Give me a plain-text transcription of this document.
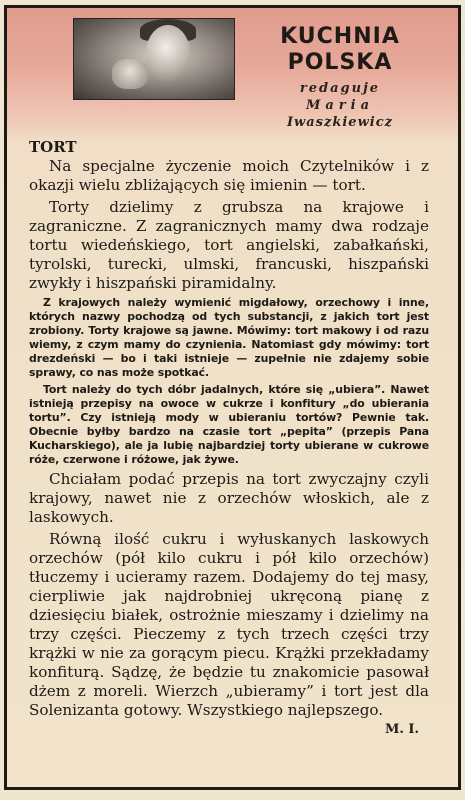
KUCHNIA
POLSKA
redaguje
Maria
Iwaszkiewicz
TORT

Na specjalne życzenie moich Czytelników i z okazji wielu zbliżających się imienin — tort.

Torty dzielimy z grubsza na krajowe i zagraniczne. Z zagranicznych mamy dwa rodzaje tortu wiedeńskiego, tort angielski, zabałkański, tyrolski, turecki, ulmski, francuski, hiszpański zwykły i hiszpański piramidalny.

Z krajowych należy wymienić migdałowy, orzechowy i inne, których nazwy pochodzą od tych substancji, z jakich tort jest zrobiony. Torty krajowe są jawne. Mówimy: tort makowy i od razu wiemy, z czym mamy do czynienia. Natomiast gdy mówimy: tort drezdeński — bo i taki istnieje — zupełnie nie zdajemy sobie sprawy, co nas może spotkać.

Tort należy do tych dóbr jadalnych, które się „ubiera”. Nawet istnieją przepisy na owoce w cukrze i konfitury „do ubierania tortu”. Czy istnieją mody w ubieraniu tortów? Pewnie tak. Obecnie byłby bardzo na czasie tort „pepita” (przepis Pana Kucharskiego), ale ja lubię najbardziej torty ubierane w cukrowe róże, czerwone i różowe, jak żywe.

Chciałam podać przepis na tort zwyczajny czyli krajowy, nawet nie z orzechów włoskich, ale z laskowych.

Równą ilość cukru i wyłuskanych laskowych orzechów (pół kilo cukru i pół kilo orzechów) tłuczemy i ucieramy razem. Dodajemy do tej masy, cierpliwie jak najdrobniej ukręconą pianę z dziesięciu białek, ostrożnie mieszamy i dzielimy na trzy części. Pieczemy z tych trzech części trzy krążki w nie za gorącym piecu. Krążki przekładamy konfiturą. Sądzę, że będzie tu znakomicie pasował dżem z moreli. Wierzch „ubieramy” i tort jest dla Solenizanta gotowy. Wszystkiego najlepszego.

M. I.
